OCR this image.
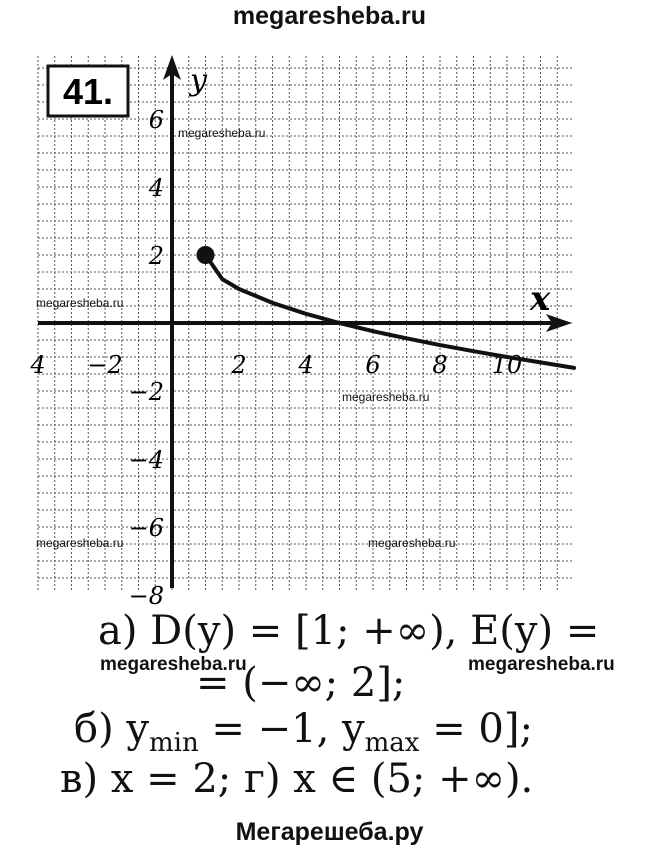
megaresheba.ru
x
y
4 −2	2 4 6 8 10
6
4
2
−2
−4
−6
−8
41.
megaresheba.ru
megaresheba.ru
megaresheba.ru
megaresheba.ru	megaresheba.ru
а) D(y) = [1; +∞), E(y) =
= (−∞; 2];
megaresheba.ru	megaresheba.ru
б) $y_{min} = -1$, $y_{max} = 0$];
в) x = 2; г) x ∈ (5; +∞).
Мегарешеба.ру
